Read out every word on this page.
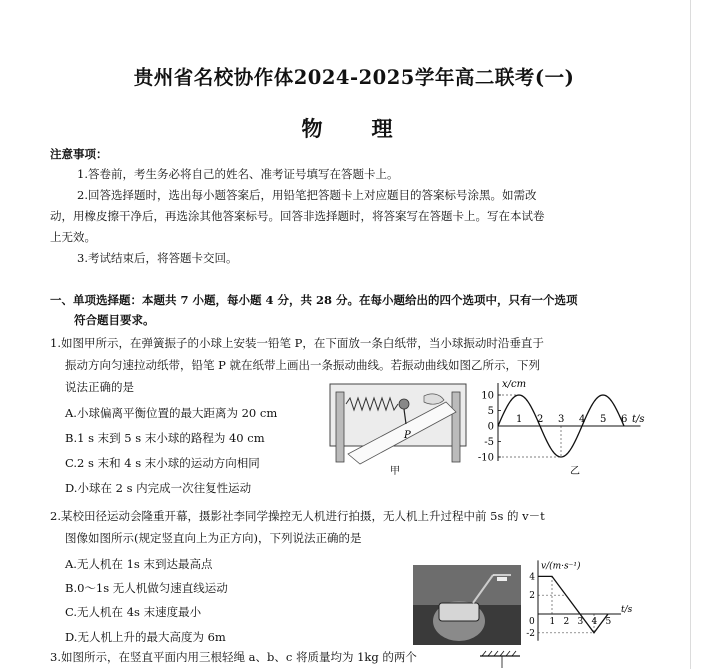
贵州省名校协作体2024-2025学年高二联考(一)
物　理
注意事项：
1.答卷前，考生务必将自己的姓名、准考证号填写在答题卡上。
2.回答选择题时，选出每小题答案后，用铅笔把答题卡上对应题目的答案标号涂黑。如需改
动，用橡皮擦干净后，再选涂其他答案标号。回答非选择题时，将答案写在答题卡上。写在本试卷
上无效。
3.考试结束后，将答题卡交回。
一、单项选择题：本题共 7 小题，每小题 4 分，共 28 分。在每小题给出的四个选项中，只有一个选项
符合题目要求。
1.如图甲所示，在弹簧振子的小球上安装一铅笔 P，在下面放一条白纸带，当小球振动时沿垂直于
振动方向匀速拉动纸带，铅笔 P 就在纸带上画出一条振动曲线。若振动曲线如图乙所示，下列
说法正确的是
A.小球偏离平衡位置的最大距离为 20 cm
B.1 s 末到 5 s 末小球的路程为 40 cm
C.2 s 末和 4 s 末小球的运动方向相同
D.小球在 2 s 内完成一次往复性运动
P
甲
10
5
0
-5
-10
1 2 3 4 5 6
x/cm
t/s
乙
2.某校田径运动会隆重开幕，摄影社李同学操控无人机进行拍摄，无人机上升过程中前 5s 的 v－t
图像如图所示(规定竖直向上为正方向)，下列说法正确的是
A.无人机在 1s 末到达最高点
B.0～1s 无人机做匀速直线运动
C.无人机在 4s 末速度最小
D.无人机上升的最大高度为 6m
4
2
-2
1 2 3 4 5
v/(m·s⁻¹)
t/s
0
3.如图所示，在竖直平面内用三根轻绳 a、b、c 将质量均为 1kg 的两个
